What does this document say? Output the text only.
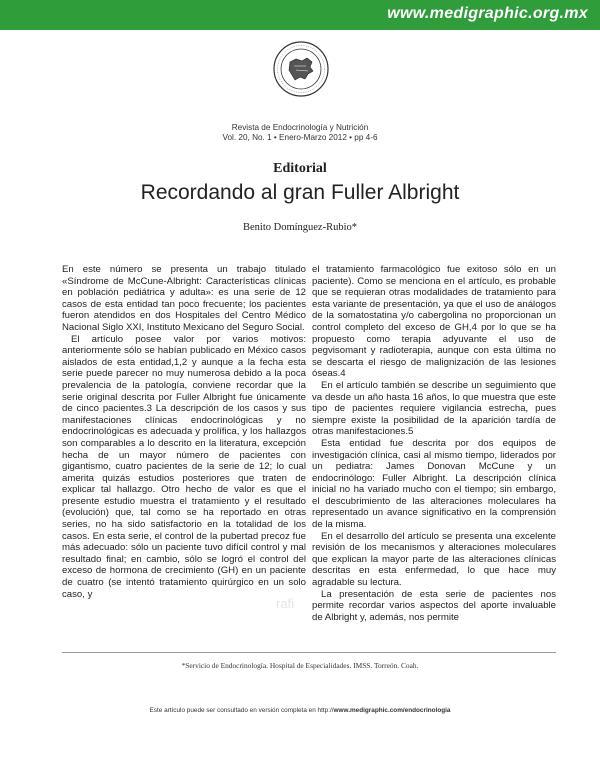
www.medigraphic.org.mx
Revista de Endocrinología y Nutrición
Vol. 20, No. 1 • Enero-Marzo 2012 • pp 4-6
Editorial
Recordando al gran Fuller Albright
Benito Domínguez-Rubio*

En este número se presenta un trabajo titulado «Síndrome de McCune-Albright: Características clínicas en población pediátrica y adulta»: es una serie de 12 casos de esta entidad tan poco frecuente; los pacientes fueron atendidos en dos Hospitales del Centro Médico Nacional Siglo XXI, Instituto Mexicano del Seguro Social.

El artículo posee valor por varios motivos: anteriormente sólo se habían publicado en México casos aislados de esta entidad,1,2 y aunque a la fecha esta serie puede parecer no muy numerosa debido a la poca prevalencia de la patología, conviene recordar que la serie original descrita por Fuller Albright fue únicamente de cinco pacientes.3 La descripción de los casos y sus manifestaciones clínicas endocrinológicas y no endocrinológicas es adecuada y prolífica, y los hallazgos son comparables a lo descrito en la literatura, excepción hecha de un mayor número de pacientes con gigantismo, cuatro pacientes de la serie de 12; lo cual amerita quizás estudios posteriores que traten de explicar tal hallazgo. Otro hecho de valor es que el presente estudio muestra el tratamiento y el resultado (evolución) que, tal como se ha reportado en otras series, no ha sido satisfactorio en la totalidad de los casos. En esta serie, el control de la pubertad precoz fue más adecuado: sólo un paciente tuvo difícil control y mal resultado final; en cambio, sólo se logró el control del exceso de hormona de crecimiento (GH) en un paciente de cuatro (se intentó tratamiento quirúrgico en un solo caso, y

el tratamiento farmacológico fue exitoso sólo en un paciente). Como se menciona en el artículo, es probable que se requieran otras modalidades de tratamiento para esta variante de presentación, ya que el uso de análogos de la somatostatina y/o cabergolina no proporcionan un control completo del exceso de GH,4 por lo que se ha propuesto como terapia adyuvante el uso de pegvisomant y radioterapia, aunque con esta última no se descarta el riesgo de malignización de las lesiones óseas.4

En el artículo también se describe un seguimiento que va desde un año hasta 16 años, lo que muestra que este tipo de pacientes requiere vigilancia estrecha, pues siempre existe la posibilidad de la aparición tardía de otras manifestaciones.5

Esta entidad fue descrita por dos equipos de investigación clínica, casi al mismo tiempo, liderados por un pediatra: James Donovan McCune y un endocrinólogo: Fuller Albright. La descripción clínica inicial no ha variado mucho con el tiempo; sin embargo, el descubrimiento de las alteraciones moleculares ha representado un avance significativo en la comprensión de la misma.

En el desarrollo del artículo se presenta una excelente revisión de los mecanismos y alteraciones moleculares que explican la mayor parte de las alteraciones clínicas descritas en esta enfermedad, lo que hace muy agradable su lectura.

La presentación de esta serie de pacientes nos permite recordar varios aspectos del aporte invaluable de Albright y, además, nos permite

rafi
*Servicio de Endocrinología. Hospital de Especialidades. IMSS. Torreón. Coah.
Este artículo puede ser consultado en versión completa en http://www.medigraphic.com/endocrinologia
